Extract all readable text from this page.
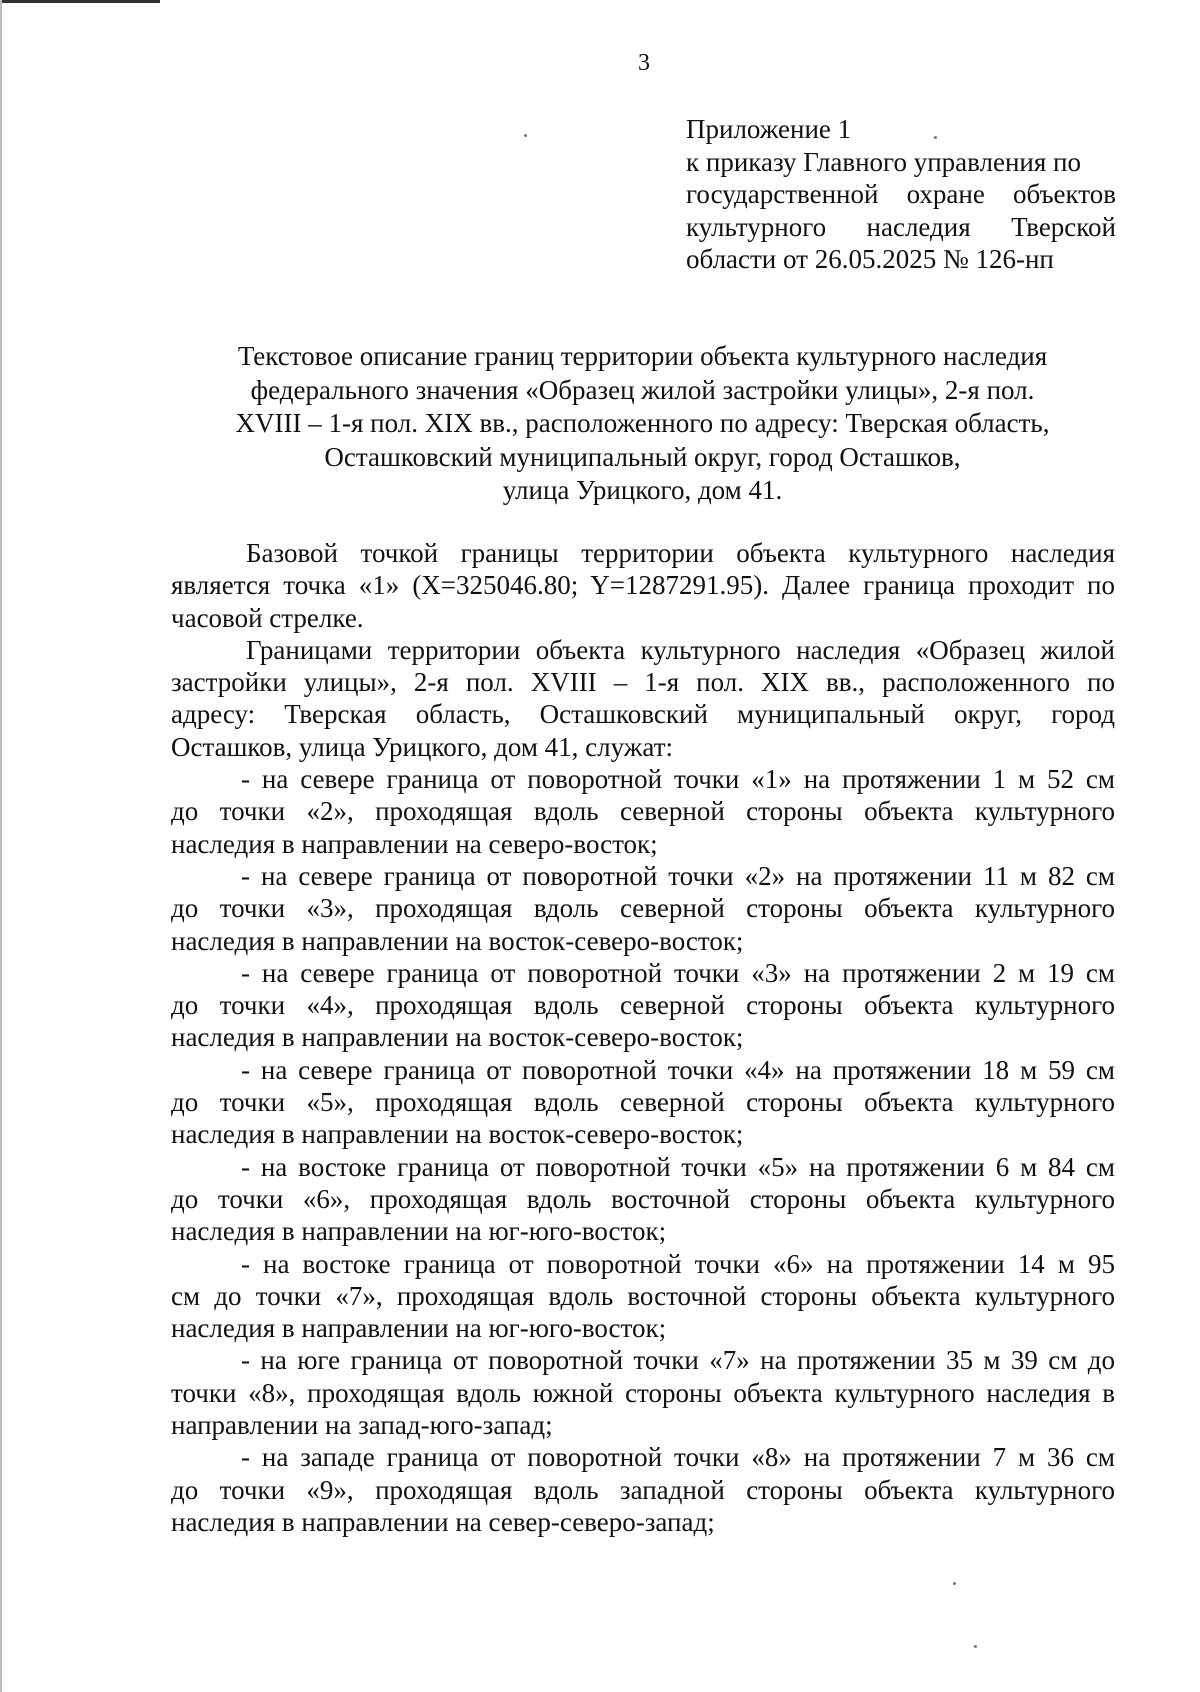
3
Приложение 1
к приказу Главного управления по
государственной охране объектов
культурного наследия Тверской
области от 26.05.2025 № 126-нп
Текстовое описание границ территории объекта культурного наследия
федерального значения «Образец жилой застройки улицы», 2-я пол.
XVIII – 1-я пол. XIX вв., расположенного по адресу: Тверская область,
Осташковский муниципальный округ, город Осташков,
улица Урицкого, дом 41.
Базовой точкой границы территории объекта культурного наследия
является точка «1» (X=325046.80; Y=1287291.95). Далее граница проходит по
часовой стрелке.
Границами территории объекта культурного наследия «Образец жилой
застройки улицы», 2-я пол. XVIII – 1-я пол. XIX вв., расположенного по
адресу: Тверская область, Осташковский муниципальный округ, город
Осташков, улица Урицкого, дом 41, служат:
- на севере граница от поворотной точки «1» на протяжении 1 м 52 см
до точки «2», проходящая вдоль северной стороны объекта культурного
наследия в направлении на северо-восток;
- на севере граница от поворотной точки «2» на протяжении 11 м 82 см
до точки «3», проходящая вдоль северной стороны объекта культурного
наследия в направлении на восток-северо-восток;
- на севере граница от поворотной точки «3» на протяжении 2 м 19 см
до точки «4», проходящая вдоль северной стороны объекта культурного
наследия в направлении на восток-северо-восток;
- на севере граница от поворотной точки «4» на протяжении 18 м 59 см
до точки «5», проходящая вдоль северной стороны объекта культурного
наследия в направлении на восток-северо-восток;
- на востоке граница от поворотной точки «5» на протяжении 6 м 84 см
до точки «6», проходящая вдоль восточной стороны объекта культурного
наследия в направлении на юг-юго-восток;
- на востоке граница от поворотной точки «6» на протяжении 14 м 95
см до точки «7», проходящая вдоль восточной стороны объекта культурного
наследия в направлении на юг-юго-восток;
- на юге граница от поворотной точки «7» на протяжении 35 м 39 см до
точки «8», проходящая вдоль южной стороны объекта культурного наследия в
направлении на запад-юго-запад;
- на западе граница от поворотной точки «8» на протяжении 7 м 36 см
до точки «9», проходящая вдоль западной стороны объекта культурного
наследия в направлении на север-северо-запад;
